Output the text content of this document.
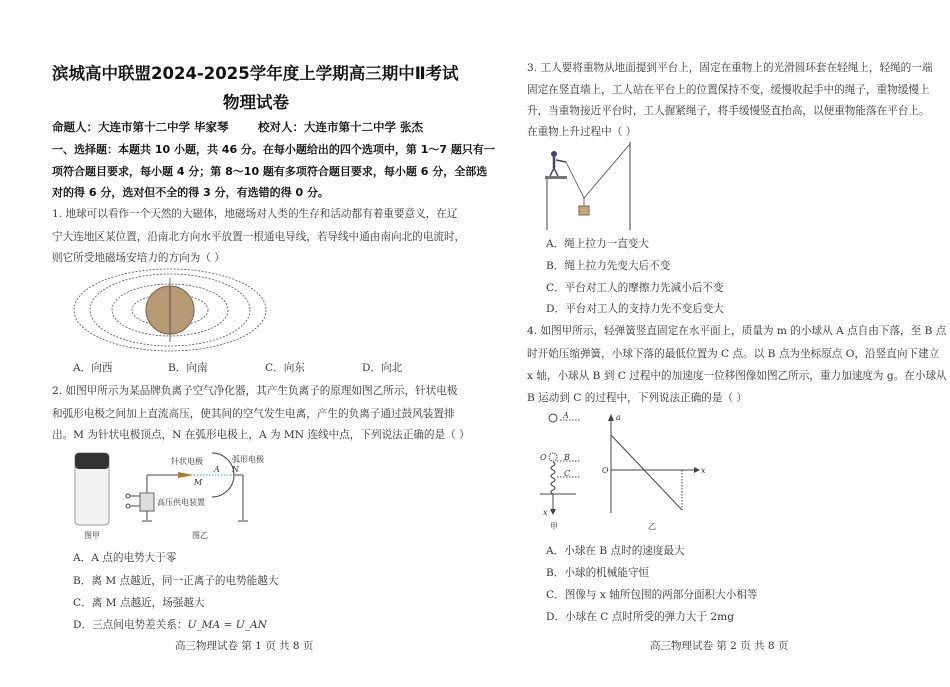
滨城高中联盟2024-2025学年度上学期高三期中Ⅱ考试
物理试卷
命题人：大连市第十二中学 毕家琴	校对人：大连市第十二中学 张杰
一、选择题：本题共 10 小题，共 46 分。在每小题给出的四个选项中，第 1～7 题只有一
项符合题目要求，每小题 4 分；第 8～10 题有多项符合题目要求，每小题 6 分，全部选
对的得 6 分，选对但不全的得 3 分，有选错的得 0 分。
1. 地球可以看作一个天然的大磁体，地磁场对人类的生存和活动都有着重要意义，在辽
宁大连地区某位置，沿南北方向水平放置一根通电导线，若导线中通由南向北的电流时，
则它所受地磁场安培力的方向为（ ）
A．向西	B．向南	C．向东	D．向北
2. 如图甲所示为某品牌负离子空气净化器，其产生负离子的原理如图乙所示，针状电极
和弧形电极之间加上直流高压，使其间的空气发生电离，产生的负离子通过鼓风装置排
出。M 为针状电极顶点，N 在弧形电极上，A 为 MN 连线中点，下列说法正确的是（ ）
针状电极	弧形电极
A
M
N
高压供电装置
图甲	图乙
A．A 点的电势大于零
B．离 M 点越近，同一正离子的电势能越大
C．离 M 点越近，场强越大
D．三点间电势差关系：U_MA = U_AN
高三物理试卷 第 1 页 共 8 页
3. 工人要将重物从地面提到平台上，固定在重物上的光滑圆环套在轻绳上，轻绳的一端
固定在竖直墙上，工人站在平台上的位置保持不变，缓慢收起手中的绳子，重物缓慢上
升，当重物接近平台时，工人握紧绳子，将手缓慢竖直抬高，以便重物能落在平台上。
在重物上升过程中（ ）
A．绳上拉力一直变大
B．绳上拉力先变大后不变
C．平台对工人的摩擦力先减小后不变
D．平台对工人的支持力先不变后变大
4. 如图甲所示，轻弹簧竖直固定在水平面上，质量为 m 的小球从 A 点自由下落，至 B 点
时开始压缩弹簧，小球下落的最低位置为 C 点。以 B 点为坐标原点 O，沿竖直向下建立
x 轴，小球从 B 到 C 过程中的加速度一位移图像如图乙所示，重力加速度为 g。在小球从
B 运动到 C 的过程中，下列说法正确的是（ ）
A
B
C
O
x
a
O	x
甲	乙
A．小球在 B 点时的速度最大
B．小球的机械能守恒
C．图像与 x 轴所包围的两部分面积大小相等
D．小球在 C 点时所受的弹力大于 2mg
高三物理试卷 第 2 页 共 8 页
